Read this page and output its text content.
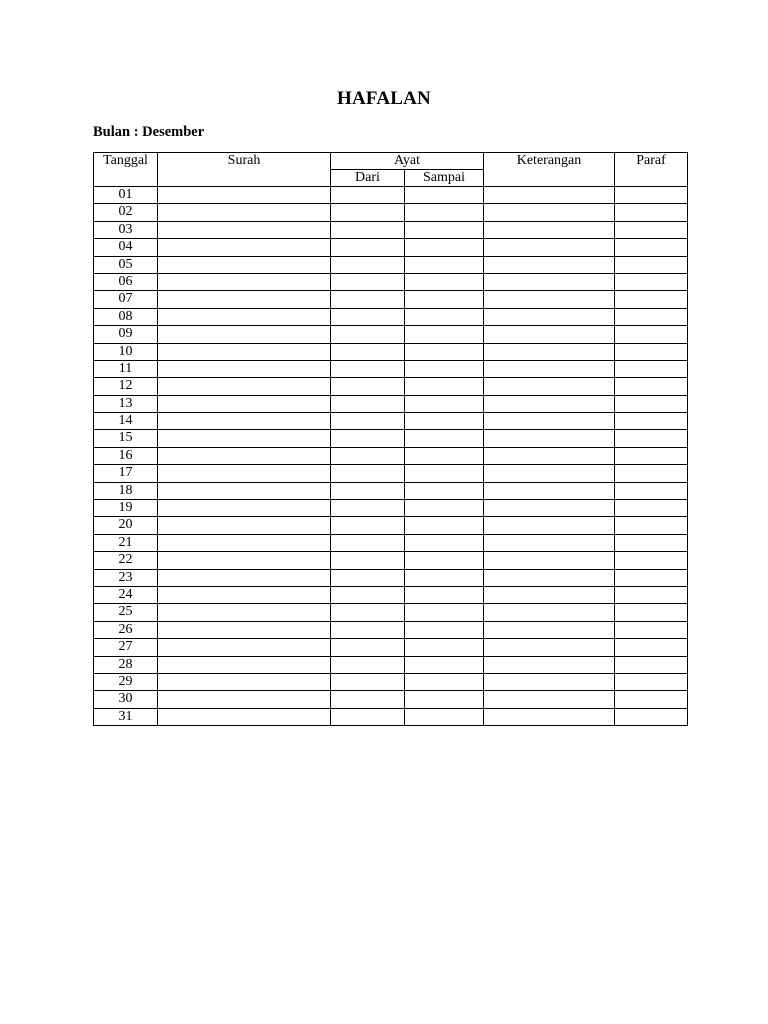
HAFALAN
Bulan : Desember
Tanggal	Surah	Ayat		Keterangan	Paraf
		Dari	Sampai		
01					
02					
03					
04					
05					
06					
07					
08					
09					
10					
11					
12					
13					
14					
15					
16					
17					
18					
19					
20					
21					
22					
23					
24					
25					
26					
27					
28					
29					
30					
31					
